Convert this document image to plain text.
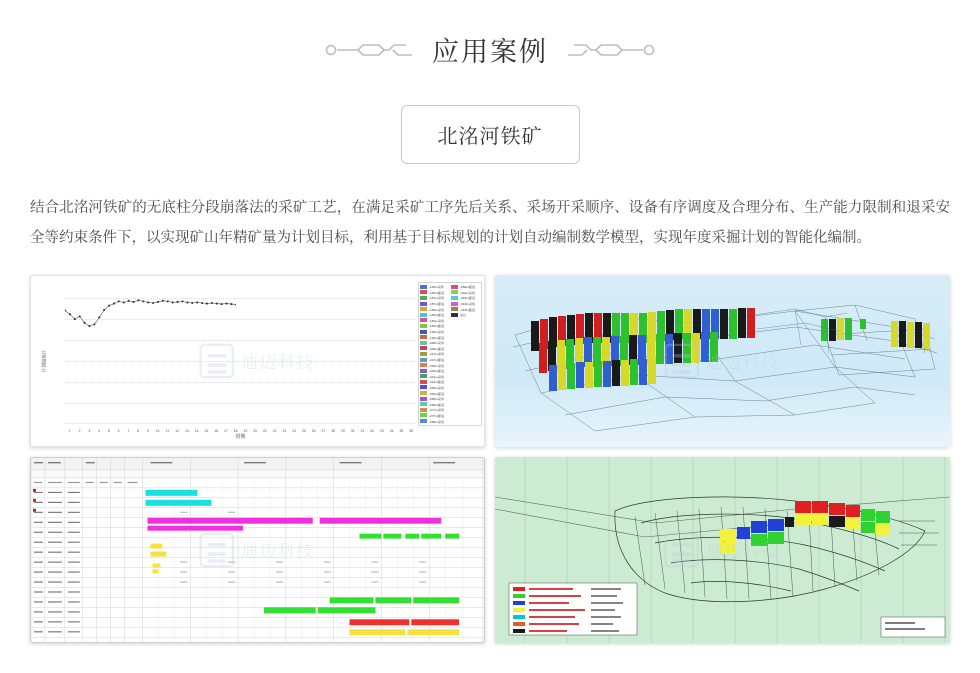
应用案例
北洺河铁矿

结合北洺河铁矿的无底柱分段崩落法的采矿工艺，在满足采矿工序先后关系、采场开采顺序、设备有序调度及合理分布、生产能力限制和退采安全等约束条件下，以实现矿山年精矿量为计划目标，利用基于目标规划的计划自动编制数学模型，实现年度采掘计划的智能化编制。

计划量统计
1	2	3	4	5	6	7	8	9	10	11	12	13	14	15	16	17	18	19	20	21	22	23	24	25	26	27	28	29	30	31	32	33	34	35	36
时期
-145m采场
-145m掘进
-157m采场
-157m掘进
-169m采场
-169m掘进
-181m采场
-181m掘进
-193m采场
-193m掘进
-205m采场
-205m掘进
-217m采场
-217m掘进
-229m采场
-229m掘进
-241m采场
-241m掘进
-253m采场
-253m掘进
-265m采场
-265m掘进
-277m采场
-277m掘进
-289m采场
-289m掘进
-301m采场
-301m掘进
-313m采场
-313m掘进
品位
迪迈科技	迪迈科技
迪迈科技	迪迈科技
